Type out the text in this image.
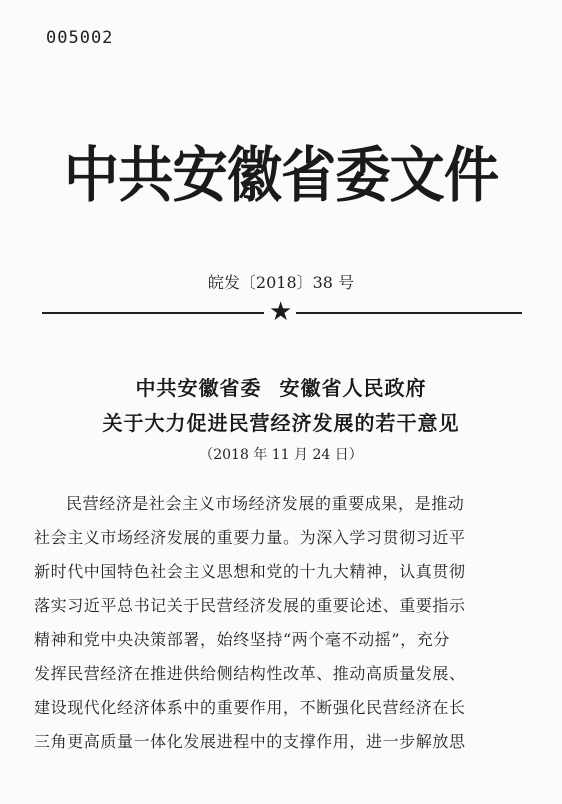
005002
中共安徽省委文件
皖发〔2018〕38 号
★
中共安徽省委 安徽省人民政府
关于大力促进民营经济发展的若干意见
（2018 年 11 月 24 日）
民营经济是社会主义市场经济发展的重要成果，是推动
社会主义市场经济发展的重要力量。为深入学习贯彻习近平
新时代中国特色社会主义思想和党的十九大精神，认真贯彻
落实习近平总书记关于民营经济发展的重要论述、重要指示
精神和党中央决策部署，始终坚持“两个毫不动摇”，充分
发挥民营经济在推进供给侧结构性改革、推动高质量发展、
建设现代化经济体系中的重要作用，不断强化民营经济在长
三角更高质量一体化发展进程中的支撑作用，进一步解放思
